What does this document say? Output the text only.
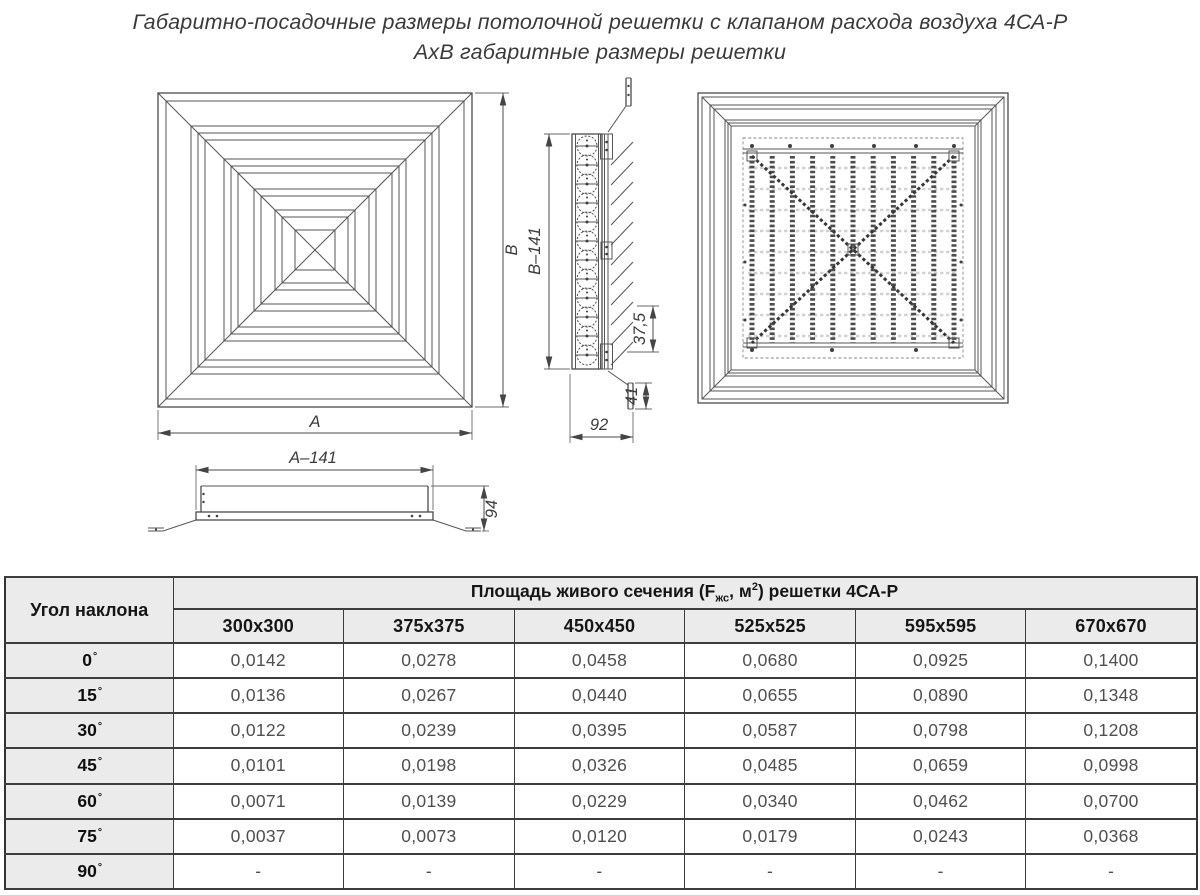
Габаритно-посадочные размеры потолочной решетки с клапаном расхода воздуха 4СА-Р
АхВ габаритные размеры решетки
A
B B–141
37,5
41
92
A–141
94
Угол наклона	Площадь живого сечения ($F_{жс}$, $м^2$) решетки 4СА-Р					
	300x300	375x375	450x450	525x525	595x595	670x670
0°	0,0142	0,0278	0,0458	0,0680	0,0925	0,1400
15°	0,0136	0,0267	0,0440	0,0655	0,0890	0,1348
30°	0,0122	0,0239	0,0395	0,0587	0,0798	0,1208
45°	0,0101	0,0198	0,0326	0,0485	0,0659	0,0998
60°	0,0071	0,0139	0,0229	0,0340	0,0462	0,0700
75°	0,0037	0,0073	0,0120	0,0179	0,0243	0,0368
90°	-	-	-	-	-	-
